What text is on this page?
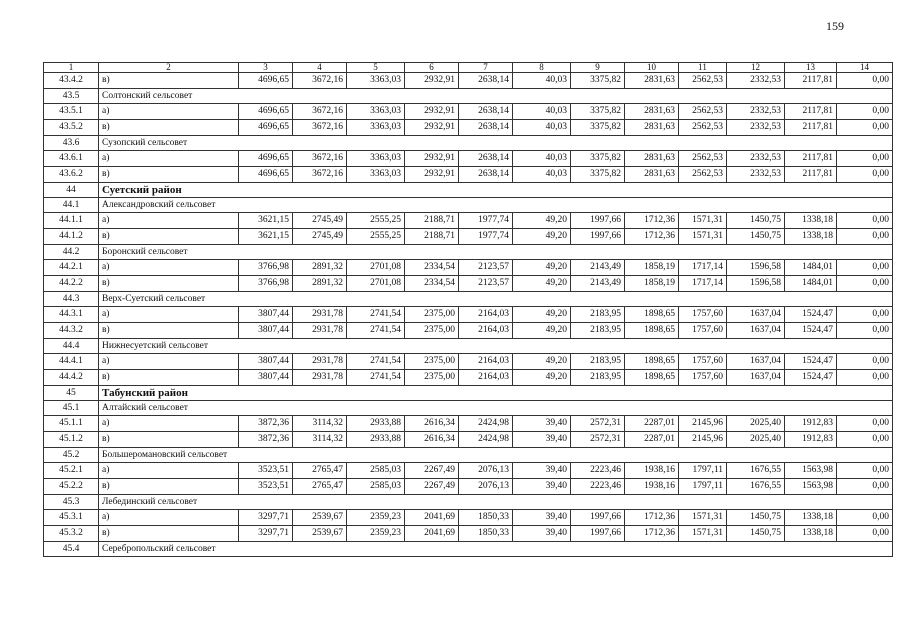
159
1	2	3	4	5	6	7	8	9	10	11	12	13	14
43.4.2	в)	4696,65	3672,16	3363,03	2932,91	2638,14	40,03	3375,82	2831,63	2562,53	2332,53	2117,81	0,00
43.5	Солтонский сельсовет												
43.5.1	а)	4696,65	3672,16	3363,03	2932,91	2638,14	40,03	3375,82	2831,63	2562,53	2332,53	2117,81	0,00
43.5.2	в)	4696,65	3672,16	3363,03	2932,91	2638,14	40,03	3375,82	2831,63	2562,53	2332,53	2117,81	0,00
43.6	Сузопский сельсовет												
43.6.1	а)	4696,65	3672,16	3363,03	2932,91	2638,14	40,03	3375,82	2831,63	2562,53	2332,53	2117,81	0,00
43.6.2	в)	4696,65	3672,16	3363,03	2932,91	2638,14	40,03	3375,82	2831,63	2562,53	2332,53	2117,81	0,00
44	Суетский район												
44.1	Александровский сельсовет												
44.1.1	а)	3621,15	2745,49	2555,25	2188,71	1977,74	49,20	1997,66	1712,36	1571,31	1450,75	1338,18	0,00
44.1.2	в)	3621,15	2745,49	2555,25	2188,71	1977,74	49,20	1997,66	1712,36	1571,31	1450,75	1338,18	0,00
44.2	Боронский сельсовет												
44.2.1	а)	3766,98	2891,32	2701,08	2334,54	2123,57	49,20	2143,49	1858,19	1717,14	1596,58	1484,01	0,00
44.2.2	в)	3766,98	2891,32	2701,08	2334,54	2123,57	49,20	2143,49	1858,19	1717,14	1596,58	1484,01	0,00
44.3	Верх-Суетский сельсовет												
44.3.1	а)	3807,44	2931,78	2741,54	2375,00	2164,03	49,20	2183,95	1898,65	1757,60	1637,04	1524,47	0,00
44.3.2	в)	3807,44	2931,78	2741,54	2375,00	2164,03	49,20	2183,95	1898,65	1757,60	1637,04	1524,47	0,00
44.4	Нижнесуетский сельсовет												
44.4.1	а)	3807,44	2931,78	2741,54	2375,00	2164,03	49,20	2183,95	1898,65	1757,60	1637,04	1524,47	0,00
44.4.2	в)	3807,44	2931,78	2741,54	2375,00	2164,03	49,20	2183,95	1898,65	1757,60	1637,04	1524,47	0,00
45	Табунский район												
45.1	Алтайский сельсовет												
45.1.1	а)	3872,36	3114,32	2933,88	2616,34	2424,98	39,40	2572,31	2287,01	2145,96	2025,40	1912,83	0,00
45.1.2	в)	3872,36	3114,32	2933,88	2616,34	2424,98	39,40	2572,31	2287,01	2145,96	2025,40	1912,83	0,00
45.2	Большеромановский сельсовет												
45.2.1	а)	3523,51	2765,47	2585,03	2267,49	2076,13	39,40	2223,46	1938,16	1797,11	1676,55	1563,98	0,00
45.2.2	в)	3523,51	2765,47	2585,03	2267,49	2076,13	39,40	2223,46	1938,16	1797,11	1676,55	1563,98	0,00
45.3	Лебединский сельсовет												
45.3.1	а)	3297,71	2539,67	2359,23	2041,69	1850,33	39,40	1997,66	1712,36	1571,31	1450,75	1338,18	0,00
45.3.2	в)	3297,71	2539,67	2359,23	2041,69	1850,33	39,40	1997,66	1712,36	1571,31	1450,75	1338,18	0,00
45.4	Серебропольский сельсовет												
